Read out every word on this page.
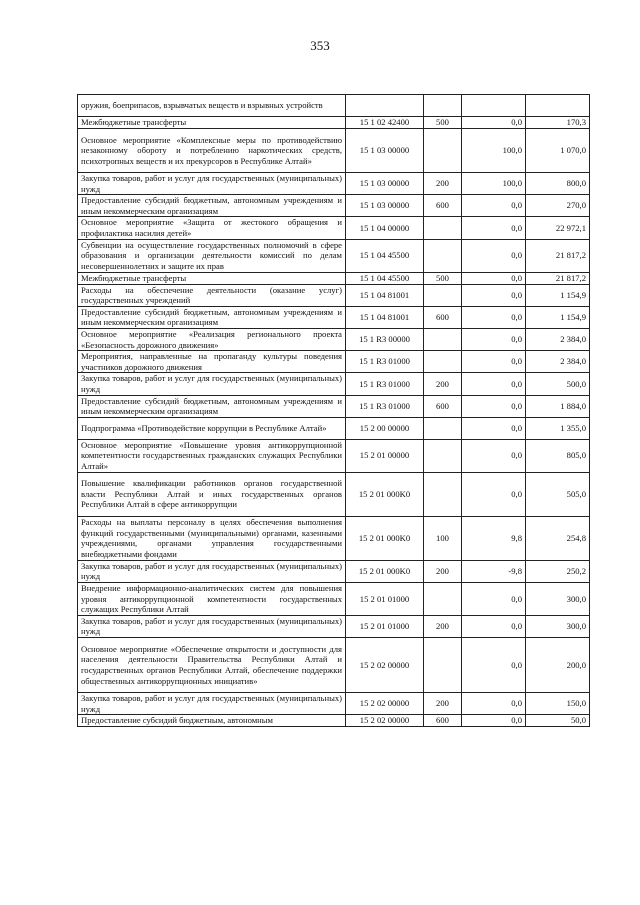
353
оружия, боеприпасов, взрывчатых веществ и взрывных устройств				
Межбюджетные трансферты	15 1 02 42400	500	0,0	170,3
Основное мероприятие «Комплексные меры по противодействию незаконному обороту и потреблению наркотических средств, психотропных веществ и их прекурсоров в Республике Алтай»	15 1 03 00000		100,0	1 070,0
Закупка товаров, работ и услуг для государственных (муниципальных) нужд	15 1 03 00000	200	100,0	800,0
Предоставление субсидий бюджетным, автономным учреждениям и иным некоммерческим организациям	15 1 03 00000	600	0,0	270,0
Основное мероприятие «Защита от жестокого обращения и профилактика насилия детей»	15 1 04 00000		0,0	22 972,1
Субвенции на осуществление государственных полномочий в сфере образования и организации деятельности комиссий по делам несовершеннолетних и защите их прав	15 1 04 45500		0,0	21 817,2
Межбюджетные трансферты	15 1 04 45500	500	0,0	21 817,2
Расходы на обеспечение деятельности (оказание услуг) государственных учреждений	15 1 04 81001		0,0	1 154,9
Предоставление субсидий бюджетным, автономным учреждениям и иным некоммерческим организациям	15 1 04 81001	600	0,0	1 154,9
Основное мероприятие «Реализация регионального проекта «Безопасность дорожного движения»	15 1 R3 00000		0,0	2 384,0
Мероприятия, направленные на пропаганду культуры поведения участников дорожного движения	15 1 R3 01000		0,0	2 384,0
Закупка товаров, работ и услуг для государственных (муниципальных) нужд	15 1 R3 01000	200	0,0	500,0
Предоставление субсидий бюджетным, автономным учреждениям и иным некоммерческим организациям	15 1 R3 01000	600	0,0	1 884,0
Подпрограмма «Противодействие коррупции в Республике Алтай»	15 2 00 00000		0,0	1 355,0
Основное мероприятие «Повышение уровня антикоррупционной компетентности государственных гражданских служащих Республики Алтай»	15 2 01 00000		0,0	805,0
Повышение квалификации работников органов государственной власти Республики Алтай и иных государственных органов Республики Алтай в сфере антикоррупции	15 2 01 000K0		0,0	505,0
Расходы на выплаты персоналу в целях обеспечения выполнения функций государственными (муниципальными) органами, казенными учреждениями, органами управления государственными внебюджетными фондами	15 2 01 000K0	100	9,8	254,8
Закупка товаров, работ и услуг для государственных (муниципальных) нужд	15 2 01 000K0	200	-9,8	250,2
Внедрение информационно-аналитических систем для повышения уровня антикоррупционной компетентности государственных служащих Республики Алтай	15 2 01 01000		0,0	300,0
Закупка товаров, работ и услуг для государственных (муниципальных) нужд	15 2 01 01000	200	0,0	300,0
Основное мероприятие «Обеспечение открытости и доступности для населения деятельности Правительства Республики Алтай и государственных органов Республики Алтай, обеспечение поддержки общественных антикоррупционных инициатив»	15 2 02 00000		0,0	200,0
Закупка товаров, работ и услуг для государственных (муниципальных) нужд	15 2 02 00000	200	0,0	150,0
Предоставление субсидий бюджетным, автономным	15 2 02 00000	600	0,0	50,0
